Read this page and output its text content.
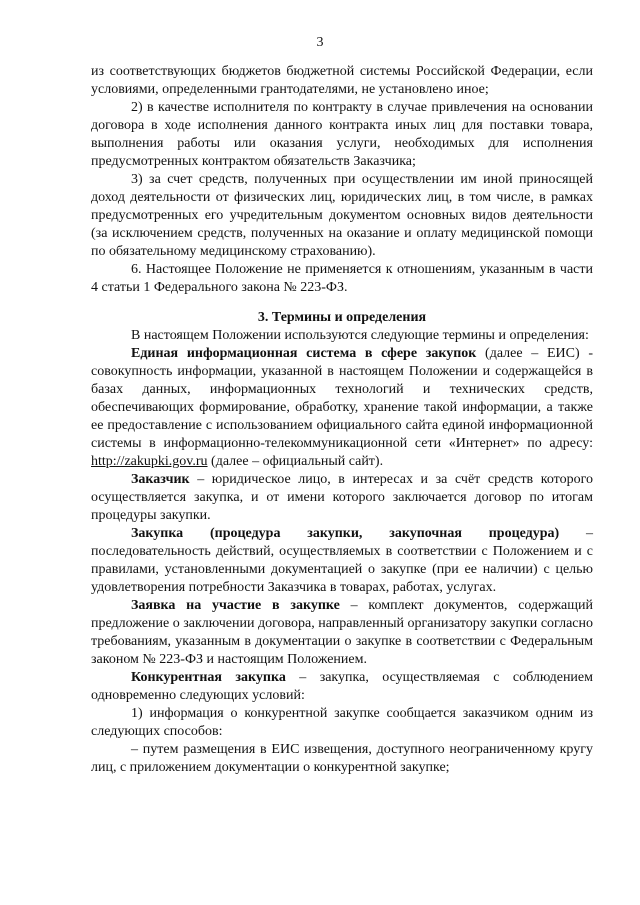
3

из соответствующих бюджетов бюджетной системы Российской Федерации, если условиями, определенными грантодателями, не установлено иное;

2) в качестве исполнителя по контракту в случае привлечения на основании договора в ходе исполнения данного контракта иных лиц для поставки товара, выполнения работы или оказания услуги, необходимых для исполнения предусмотренных контрактом обязательств Заказчика;

3) за счет средств, полученных при осуществлении им иной приносящей доход деятельности от физических лиц, юридических лиц, в том числе, в рамках предусмотренных его учредительным документом основных видов деятельности (за исключением средств, полученных на оказание и оплату медицинской помощи по обязательному медицинскому страхованию).

6. Настоящее Положение не применяется к отношениям, указанным в части 4 статьи 1 Федерального закона № 223-ФЗ.

3. Термины и определения

В настоящем Положении используются следующие термины и определения:

Единая информационная система в сфере закупок (далее – ЕИС) - совокупность информации, указанной в настоящем Положении и содержащейся в базах данных, информационных технологий и технических средств, обеспечивающих формирование, обработку, хранение такой информации, а также ее предоставление с использованием официального сайта единой информационной системы в информационно-телекоммуникационной сети «Интернет» по адресу: http://zakupki.gov.ru (далее – официальный сайт).

Заказчик – юридическое лицо, в интересах и за счёт средств которого осуществляется закупка, и от имени которого заключается договор по итогам процедуры закупки.

Закупка (процедура закупки, закупочная процедура) – последовательность действий, осуществляемых в соответствии с Положением и с правилами, установленными документацией о закупке (при ее наличии) с целью удовлетворения потребности Заказчика в товарах, работах, услугах.

Заявка на участие в закупке – комплект документов, содержащий предложение о заключении договора, направленный организатору закупки согласно требованиям, указанным в документации о закупке в соответствии с Федеральным законом № 223-ФЗ и настоящим Положением.

Конкурентная закупка – закупка, осуществляемая с соблюдением одновременно следующих условий:

1) информация о конкурентной закупке сообщается заказчиком одним из следующих способов:

– путем размещения в ЕИС извещения, доступного неограниченному кругу лиц, с приложением документации о конкурентной закупке;
